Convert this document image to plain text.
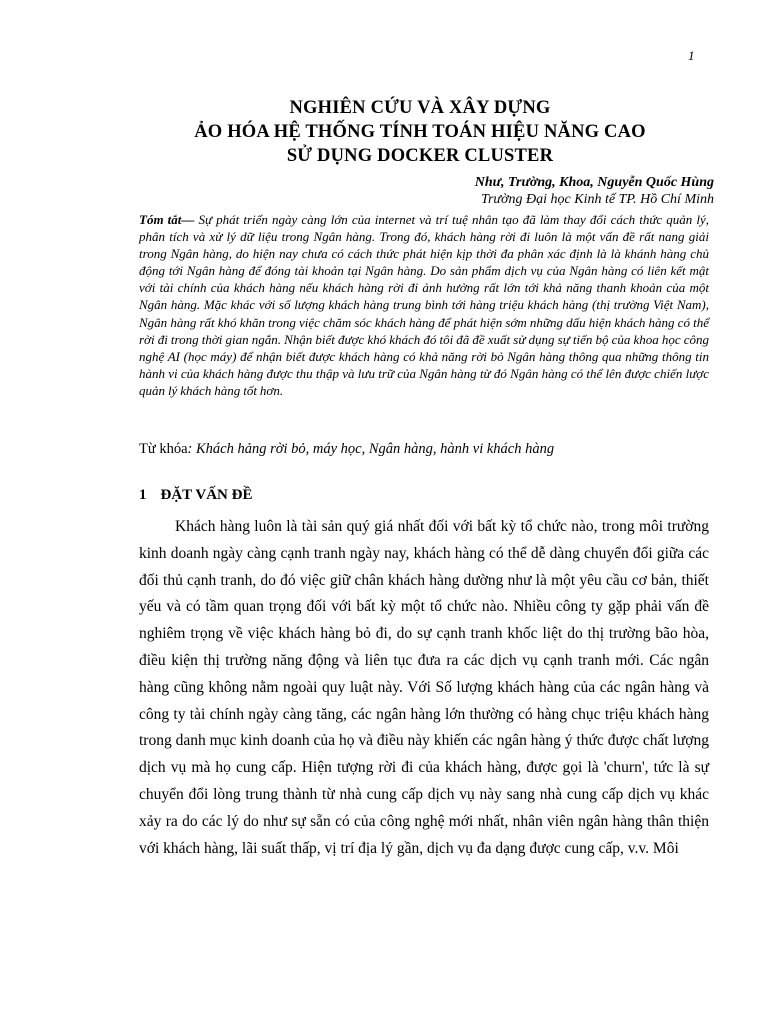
1
NGHIÊN CỨU VÀ XÂY DỰNG
ẢO HÓA HỆ THỐNG TÍNH TOÁN HIỆU NĂNG CAO
SỬ DỤNG DOCKER CLUSTER
Như, Trường, Khoa, Nguyễn Quốc Hùng
Trường Đại học Kinh tế TP. Hồ Chí Minh
Tóm tắt— Sự phát triển ngày càng lớn của internet và trí tuệ nhân tạo đã làm thay đổi cách thức quản lý, phân tích và xử lý dữ liệu trong Ngân hàng. Trong đó, khách hàng rời đi luôn là một vấn đề rất nang giải trong Ngân hàng, do hiện nay chưa có cách thức phát hiện kịp thời đa phân xác định là là khánh hàng chủ động tới Ngân hàng để đóng tài khoản tại Ngân hàng. Do sản phẩm dịch vụ của Ngân hàng có liên kết mật với tài chính của khách hàng nếu khách hàng rời đi ảnh hưởng rất lớn tới khả năng thanh khoản của một Ngân hàng. Mặc khác với số lượng khách hàng trung bình tới hàng triệu khách hàng (thị trường Việt Nam), Ngân hàng rất khó khăn trong việc chăm sóc khách hàng để phát hiện sớm những dấu hiện khách hàng có thể rời đi trong thời gian ngắn. Nhận biết được khó khách đó tôi đã đề xuất sử dụng sự tiến bộ của khoa học công nghệ AI (học máy) để nhận biết được khách hàng có khả năng rời bỏ Ngân hàng thông qua những thông tin hành vi của khách hàng được thu thập và lưu trữ của Ngân hàng từ đó Ngân hàng có thể lên được chiến lược quản lý khách hàng tốt hơn.
Từ khóa: Khách hảng rời bỏ, máy học, Ngân hàng, hành vi khách hàng
1 ĐẶT VẤN ĐỀ

Khách hàng luôn là tài sản quý giá nhất đối với bất kỳ tổ chức nào, trong môi trường kinh doanh ngày càng cạnh tranh ngày nay, khách hàng có thể dễ dàng chuyển đổi giữa các đối thủ cạnh tranh, do đó việc giữ chân khách hàng dường như là một yêu cầu cơ bản, thiết yếu và có tầm quan trọng đối với bất kỳ một tổ chức nào. Nhiều công ty gặp phải vấn đề nghiêm trọng về việc khách hàng bỏ đi, do sự cạnh tranh khốc liệt do thị trường bão hòa, điều kiện thị trường năng động và liên tục đưa ra các dịch vụ cạnh tranh mới. Các ngân hàng cũng không nằm ngoài quy luật này. Với Số lượng khách hàng của các ngân hàng và công ty tài chính ngày càng tăng, các ngân hàng lớn thường có hàng chục triệu khách hàng trong danh mục kinh doanh của họ và điều này khiến các ngân hàng ý thức được chất lượng dịch vụ mà họ cung cấp. Hiện tượng rời đi của khách hàng, được gọi là 'churn', tức là sự chuyển đổi lòng trung thành từ nhà cung cấp dịch vụ này sang nhà cung cấp dịch vụ khác xảy ra do các lý do như sự sẵn có của công nghệ mới nhất, nhân viên ngân hàng thân thiện với khách hàng, lãi suất thấp, vị trí địa lý gần, dịch vụ đa dạng được cung cấp, v.v. Môi
